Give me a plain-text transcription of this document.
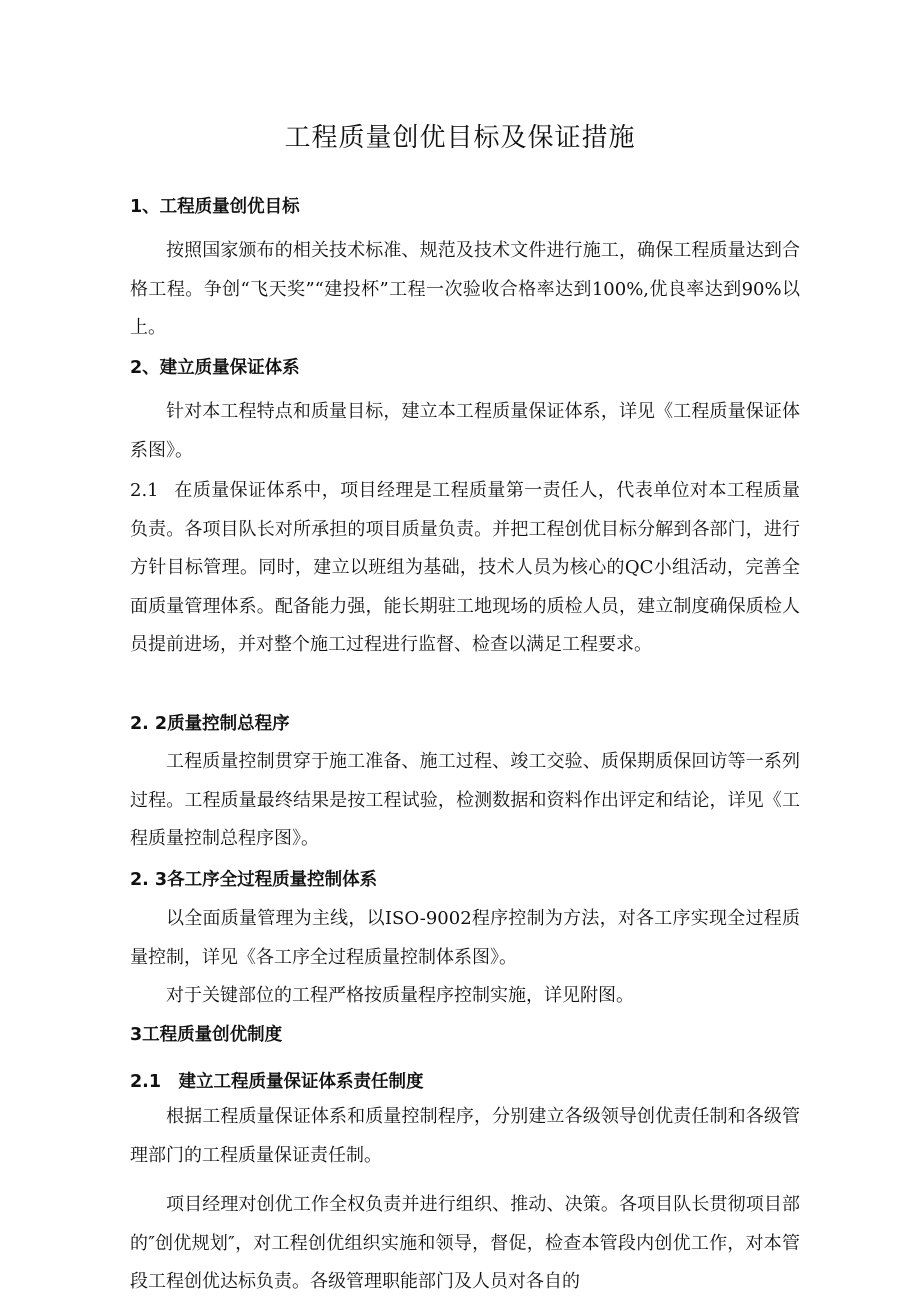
工程质量创优目标及保证措施
1、工程质量创优目标
按照国家颁布的相关技术标准、规范及技术文件进行施工，确保工程质量达到合格工程。争创“飞天奖”“建投杯”工程一次验收合格率达到100%,优良率达到90%以上。
2、建立质量保证体系
针对本工程特点和质量目标，建立本工程质量保证体系，详见《工程质量保证体系图》。
2.1 在质量保证体系中，项目经理是工程质量第一责任人，代表单位对本工程质量负责。各项目队长对所承担的项目质量负责。并把工程创优目标分解到各部门，进行方针目标管理。同时，建立以班组为基础，技术人员为核心的QC小组活动，完善全面质量管理体系。配备能力强，能长期驻工地现场的质检人员，建立制度确保质检人员提前进场，并对整个施工过程进行监督、检查以满足工程要求。
2. 2质量控制总程序
工程质量控制贯穿于施工准备、施工过程、竣工交验、质保期质保回访等一系列过程。工程质量最终结果是按工程试验，检测数据和资料作出评定和结论，详见《工程质量控制总程序图》。
2. 3各工序全过程质量控制体系
以全面质量管理为主线，以ISO-9002程序控制为方法，对各工序实现全过程质量控制，详见《各工序全过程质量控制体系图》。
对于关键部位的工程严格按质量程序控制实施，详见附图。
3工程质量创优制度
2.1　建立工程质量保证体系责任制度
根据工程质量保证体系和质量控制程序，分别建立各级领导创优责任制和各级管理部门的工程质量保证责任制。
项目经理对创优工作全权负责并进行组织、推动、决策。各项目队长贯彻项目部的″创优规划″，对工程创优组织实施和领导，督促，检查本管段内创优工作，对本管段工程创优达标负责。各级管理职能部门及人员对各自的
